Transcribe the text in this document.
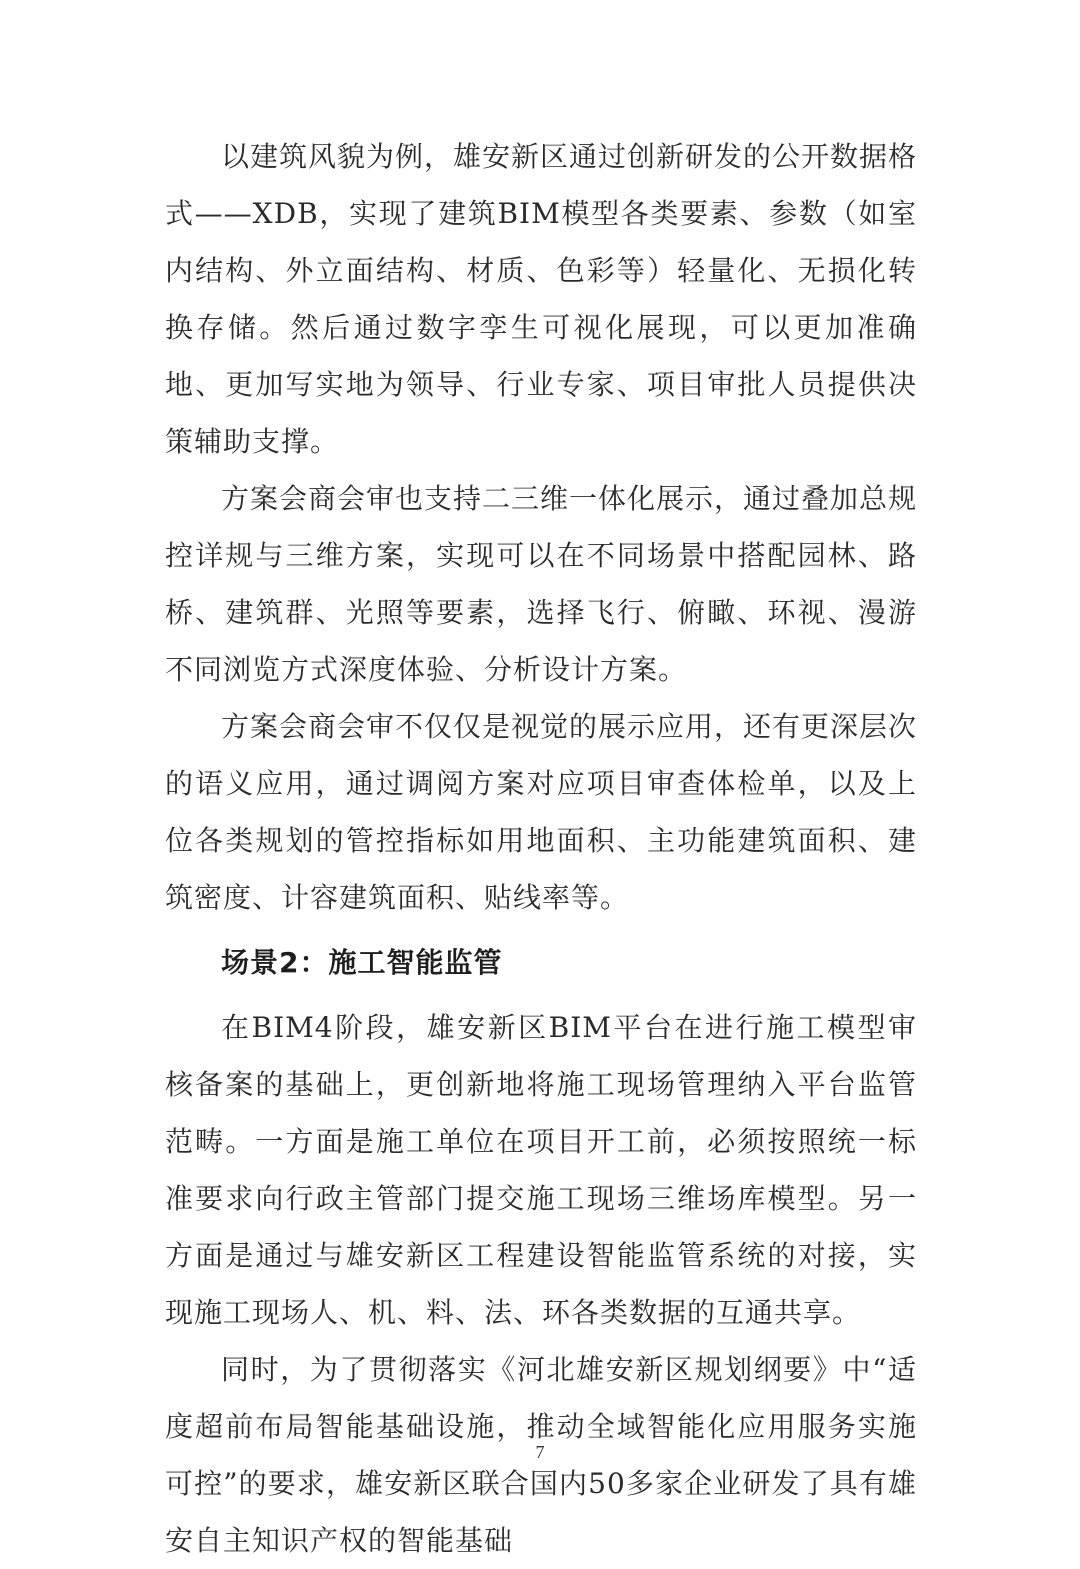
以建筑风貌为例，雄安新区通过创新研发的公开数据格式——XDB，实现了建筑BIM模型各类要素、参数（如室内结构、外立面结构、材质、色彩等）轻量化、无损化转换存储。然后通过数字孪生可视化展现，可以更加准确地、更加写实地为领导、行业专家、项目审批人员提供决策辅助支撑。

方案会商会审也支持二三维一体化展示，通过叠加总规控详规与三维方案，实现可以在不同场景中搭配园林、路桥、建筑群、光照等要素，选择飞行、俯瞰、环视、漫游不同浏览方式深度体验、分析设计方案。

方案会商会审不仅仅是视觉的展示应用，还有更深层次的语义应用，通过调阅方案对应项目审查体检单，以及上位各类规划的管控指标如用地面积、主功能建筑面积、建筑密度、计容建筑面积、贴线率等。

场景2：施工智能监管

在BIM4阶段，雄安新区BIM平台在进行施工模型审核备案的基础上，更创新地将施工现场管理纳入平台监管范畴。一方面是施工单位在项目开工前，必须按照统一标准要求向行政主管部门提交施工现场三维场库模型。另一方面是通过与雄安新区工程建设智能监管系统的对接，实现施工现场人、机、料、法、环各类数据的互通共享。

同时，为了贯彻落实《河北雄安新区规划纲要》中“适度超前布局智能基础设施，推动全域智能化应用服务实施可控”的要求，雄安新区联合国内50多家企业研发了具有雄安自主知识产权的智能基础

7
